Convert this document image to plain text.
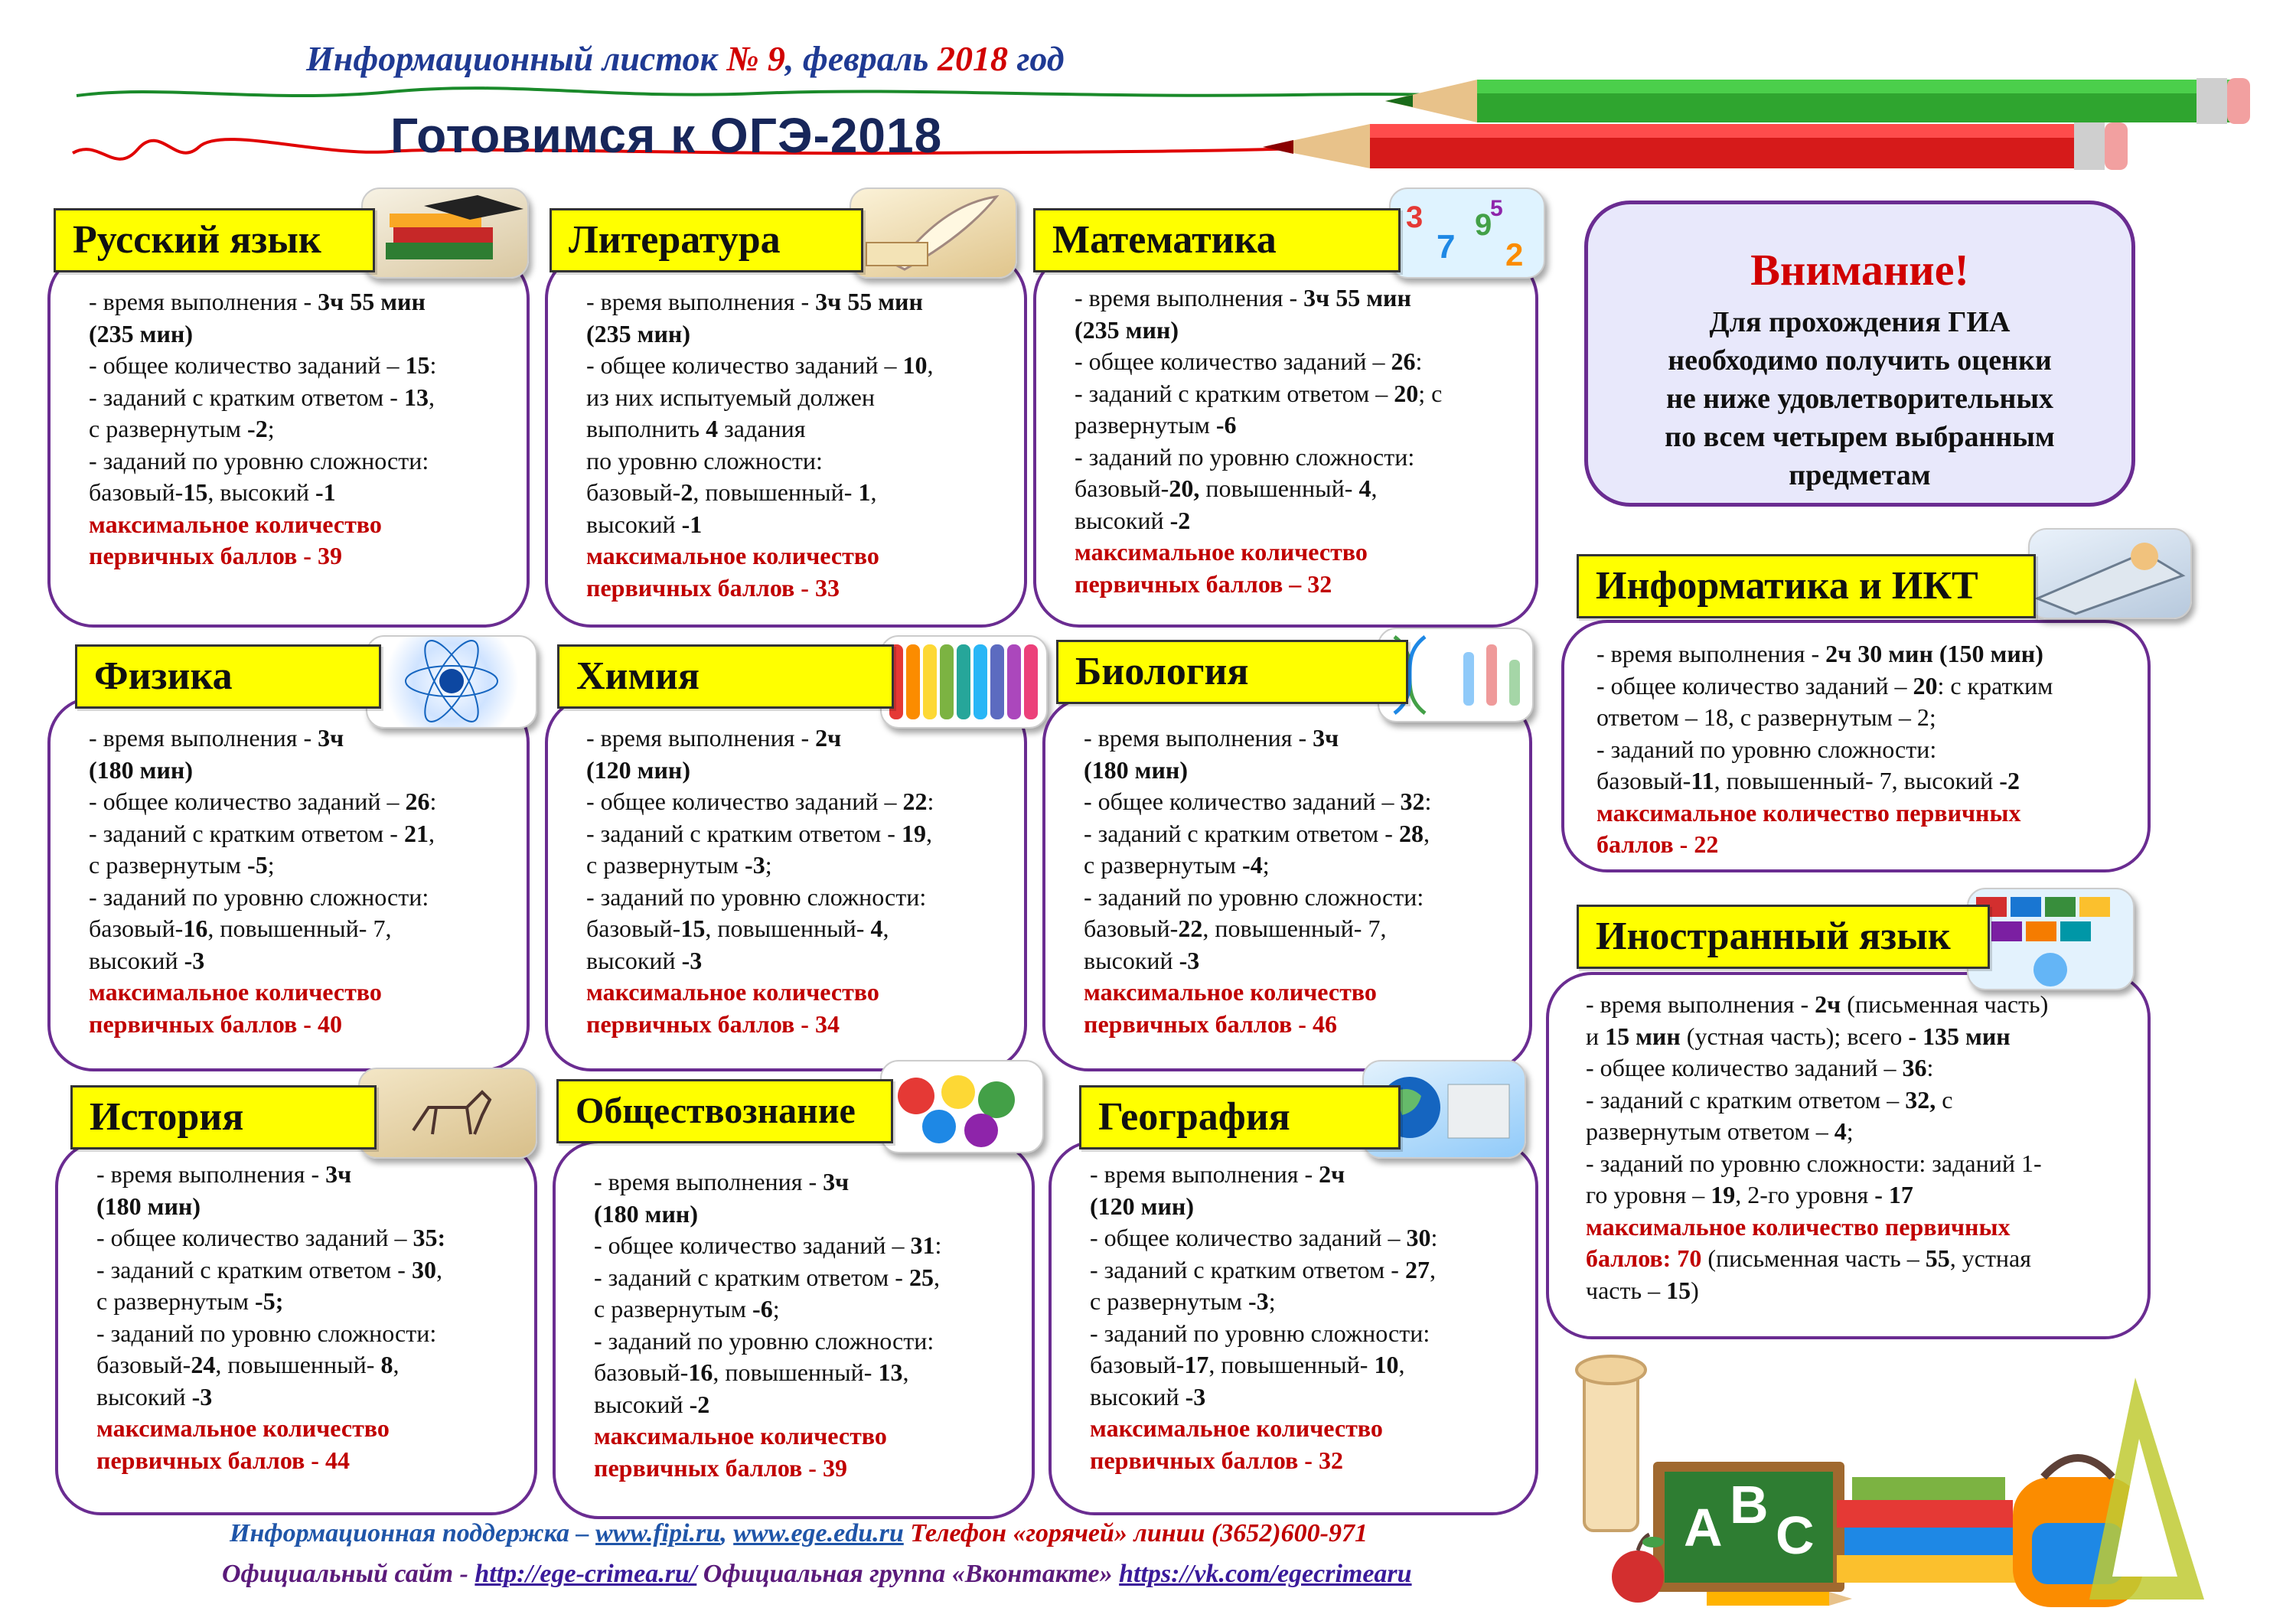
Информационный листок № 9, февраль 2018 год
Готовимся к ОГЭ-2018
- время выполнения - 3ч 55 мин
(235 мин)
- общее количество заданий – 15:
- заданий с кратким ответом - 13,
с развернутым -2;
- заданий по уровню сложности:
базовый-15, высокий -1
максимальное количество
первичных баллов - 39
Русский язык
- время выполнения - 3ч 55 мин
(235 мин)
- общее количество заданий – 10,
из них испытуемый должен
выполнить 4 задания
по уровню сложности:
базовый-2, повышенный- 1,
высокий -1
максимальное количество
первичных баллов - 33
Литература
- время выполнения - 3ч 55 мин
(235 мин)
- общее количество заданий – 26:
- заданий с кратким ответом – 20; с
развернутым -6
- заданий по уровню сложности:
базовый-20, повышенный- 4,
высокий -2
максимальное количество
первичных баллов – 32
3
7
9
2
5
Математика
Внимание!
Для прохождения ГИА
необходимо получить оценки
не ниже удовлетворительных
по всем четырем выбранным
предметам
- время выполнения - 2ч 30 мин (150 мин)
- общее количество заданий – 20: с кратким
ответом – 18, с развернутым – 2;
- заданий по уровню сложности:
базовый-11, повышенный- 7, высокий -2
максимальное количество первичных
баллов - 22
Информатика и ИКТ
- время выполнения - 3ч
(180 мин)
- общее количество заданий – 26:
- заданий с кратким ответом - 21,
с развернутым -5;
- заданий по уровню сложности:
базовый-16, повышенный- 7,
высокий -3
максимальное количество
первичных баллов - 40
Физика
- время выполнения - 2ч
(120 мин)
- общее количество заданий – 22:
- заданий с кратким ответом - 19,
с развернутым -3;
- заданий по уровню сложности:
базовый-15, повышенный- 4,
высокий -3
максимальное количество
первичных баллов - 34
Химия
- время выполнения - 3ч
(180 мин)
- общее количество заданий – 32:
- заданий с кратким ответом - 28,
с развернутым -4;
- заданий по уровню сложности:
базовый-22, повышенный- 7,
высокий -3
максимальное количество
первичных баллов - 46
Биология
- время выполнения - 2ч (письменная часть)
и 15 мин (устная часть); всего - 135 мин
- общее количество заданий – 36:
- заданий с кратким ответом – 32, с
развернутым ответом – 4;
- заданий по уровню сложности: заданий 1-
го уровня – 19, 2-го уровня - 17
максимальное количество первичных
баллов: 70 (письменная часть – 55, устная
часть – 15)
Иностранный язык
- время выполнения - 3ч
(180 мин)
- общее количество заданий – 35:
- заданий с кратким ответом - 30,
с развернутым -5;
- заданий по уровню сложности:
базовый-24, повышенный- 8,
высокий -3
максимальное количество
первичных баллов - 44
История
- время выполнения - 3ч
(180 мин)
- общее количество заданий – 31:
- заданий с кратким ответом - 25,
с развернутым -6;
- заданий по уровню сложности:
базовый-16, повышенный- 13,
высокий -2
максимальное количество
первичных баллов - 39
Обществознание
- время выполнения - 2ч
(120 мин)
- общее количество заданий – 30:
- заданий с кратким ответом - 27,
с развернутым -3;
- заданий по уровню сложности:
базовый-17, повышенный- 10,
высокий -3
максимальное количество
первичных баллов - 32
География
A B
C
Информационная поддержка – www.fipi.ru, www.ege.edu.ru Телефон «горячей» линии (3652)600-971
Официальный сайт - http://ege-crimea.ru/ Официальная группа «Вконтакте» https://vk.com/egecrimearu
